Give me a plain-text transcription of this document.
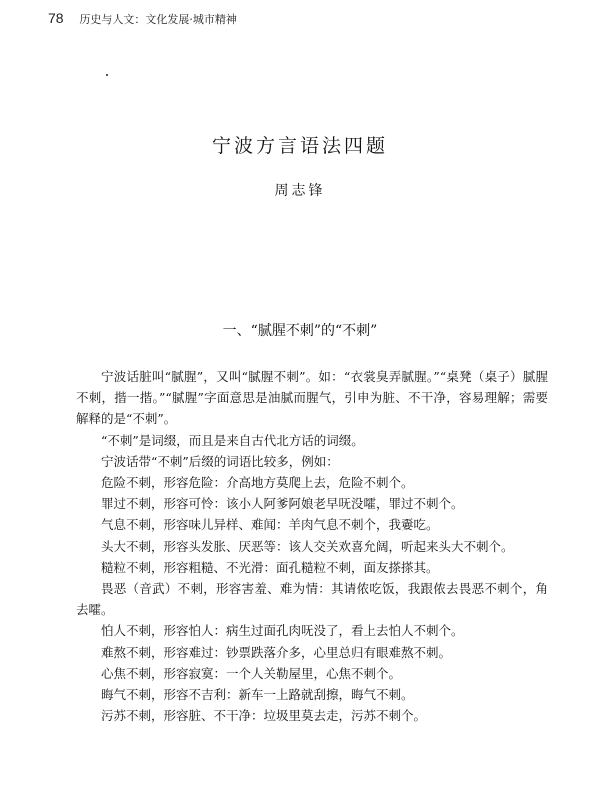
78 历史与人文：文化发展·城市精神
宁波方言语法四题
周志锋
一、“腻腥不刺”的“不刺”

宁波话脏叫“腻腥”，又叫“腻腥不刺”。如：“衣裳臭弄腻腥。”“桌凳（桌子）腻腥不刺，揩一揩。”“腻腥”字面意思是油腻而腥气，引申为脏、不干净，容易理解；需要解释的是“不刺”。

“不刺”是词缀，而且是来自古代北方话的词缀。

宁波话带“不刺”后缀的词语比较多，例如：

危险不刺，形容危险：介高地方莫爬上去，危险不刺个。

罪过不刺，形容可怜：该小人阿爹阿娘老早呒没嚯，罪过不刺个。

气息不刺，形容味儿异样、难闻：羊肉气息不刺个，我嫑吃。

头大不刺，形容头发胀、厌恶等：该人交关欢喜允阔，听起来头大不刺个。

糙粒不刺，形容粗糙、不光滑：面孔糙粒不刺，面友搽搽其。

畏恶（音武）不刺，形容害羞、难为情：其请侬吃饭，我跟侬去畏恶不刺个，角去嚯。

怕人不刺，形容怕人：病生过面孔肉呒没了，看上去怕人不刺个。

难熬不刺，形容难过：钞票跌落介多，心里总归有眼难熬不刺。

心焦不刺，形容寂寞：一个人关勒屋里，心焦不刺个。

晦气不刺，形容不吉利：新车一上路就刮擦，晦气不刺。

污苏不刺，形容脏、不干净：垃圾里莫去走，污苏不刺个。
